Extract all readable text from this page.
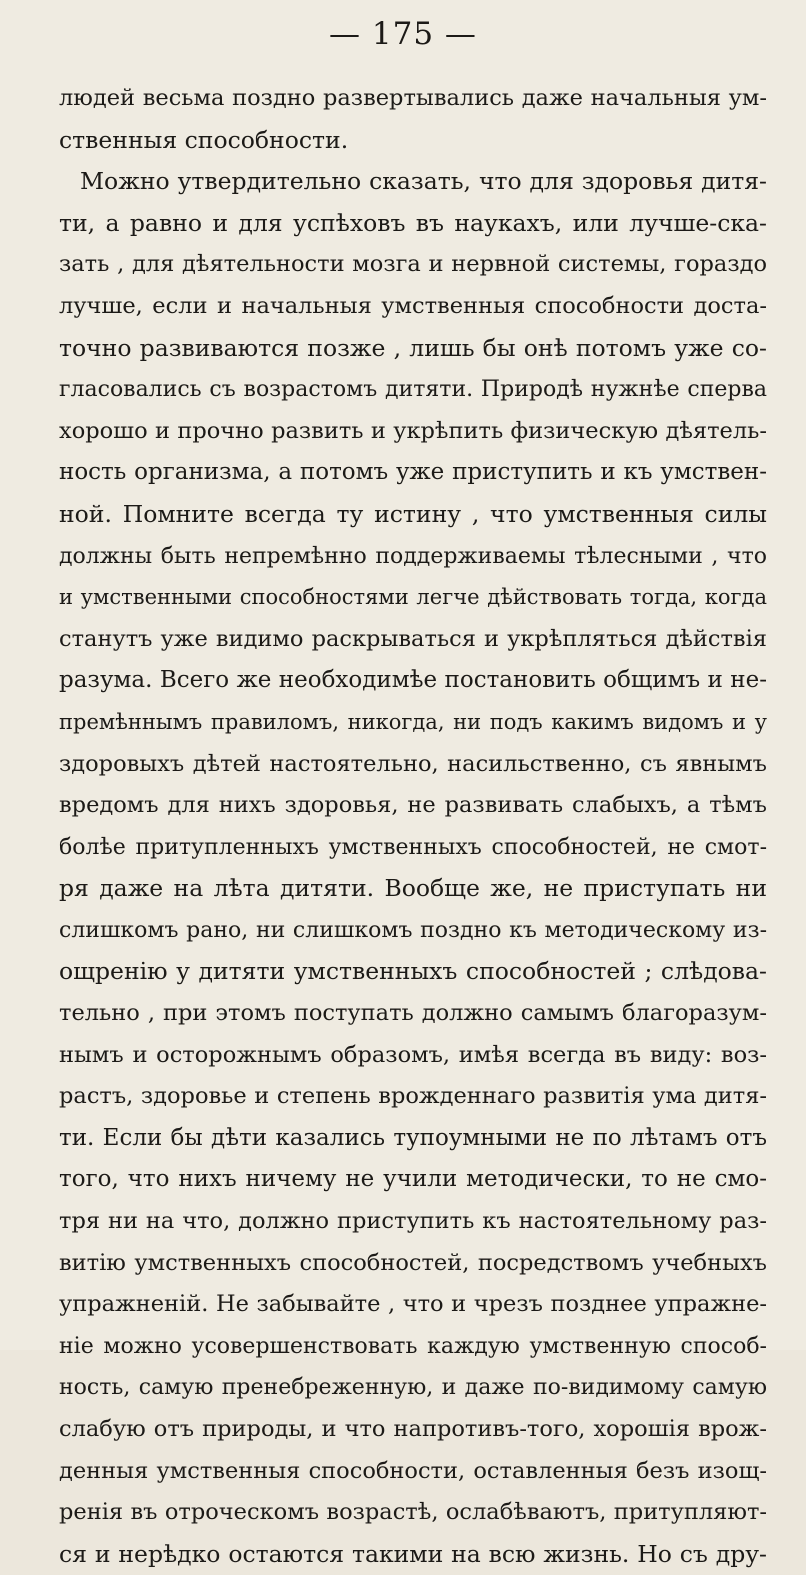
— 175 —
людей весьма поздно развертывались даже начальныя ум-
ственныя способности.
Можно утвердительно сказать, что для здоровья дитя-
ти, а равно и для успѣховъ въ наукахъ, или лучше-ска-
зать , для дѣятельности мозга и нервной системы, гораздо
лучше, если и начальныя умственныя способности доста-
точно развиваются позже , лишь бы онѣ потомъ уже со-
гласовались съ возрастомъ дитяти. Природѣ нужнѣе сперва
хорошо и прочно развить и укрѣпить физическую дѣятель-
ность организма, а потомъ уже приступить и къ умствен-
ной. Помните всегда ту истину , что умственныя силы
должны быть непремѣнно поддерживаемы тѣлесными , что
и умственными способностями легче дѣйствовать тогда, когда
станутъ уже видимо раскрываться и укрѣпляться дѣйствія
разума. Всего же необходимѣе постановить общимъ и не-
премѣннымъ правиломъ, никогда, ни подъ какимъ видомъ и у
здоровыхъ дѣтей настоятельно, насильственно, съ явнымъ
вредомъ для нихъ здоровья, не развивать слабыхъ, а тѣмъ
болѣе притупленныхъ умственныхъ способностей, не смот-
ря даже на лѣта дитяти. Вообще же, не приступать ни
слишкомъ рано, ни слишкомъ поздно къ методическому из-
ощренію у дитяти умственныхъ способностей ; слѣдова-
тельно , при этомъ поступать должно самымъ благоразум-
нымъ и осторожнымъ образомъ, имѣя всегда въ виду: воз-
растъ, здоровье и степень врожденнаго развитія ума дитя-
ти. Если бы дѣти казались тупоумными не по лѣтамъ отъ
того, что нихъ ничему не учили методически, то не смо-
тря ни на что, должно приступить къ настоятельному раз-
витію умственныхъ способностей, посредствомъ учебныхъ
упражненій. Не забывайте , что и чрезъ позднее упражне-
ніе можно усовершенствовать каждую умственную способ-
ность, самую пренебреженную, и даже по-видимому самую
слабую отъ природы, и что напротивъ-того, хорошія врож-
денныя умственныя способности, оставленныя безъ изощ-
ренія въ отроческомъ возрастѣ, ослабѣваютъ, притупляют-
ся и нерѣдко остаются такими на всю жизнь. Но съ дру-
